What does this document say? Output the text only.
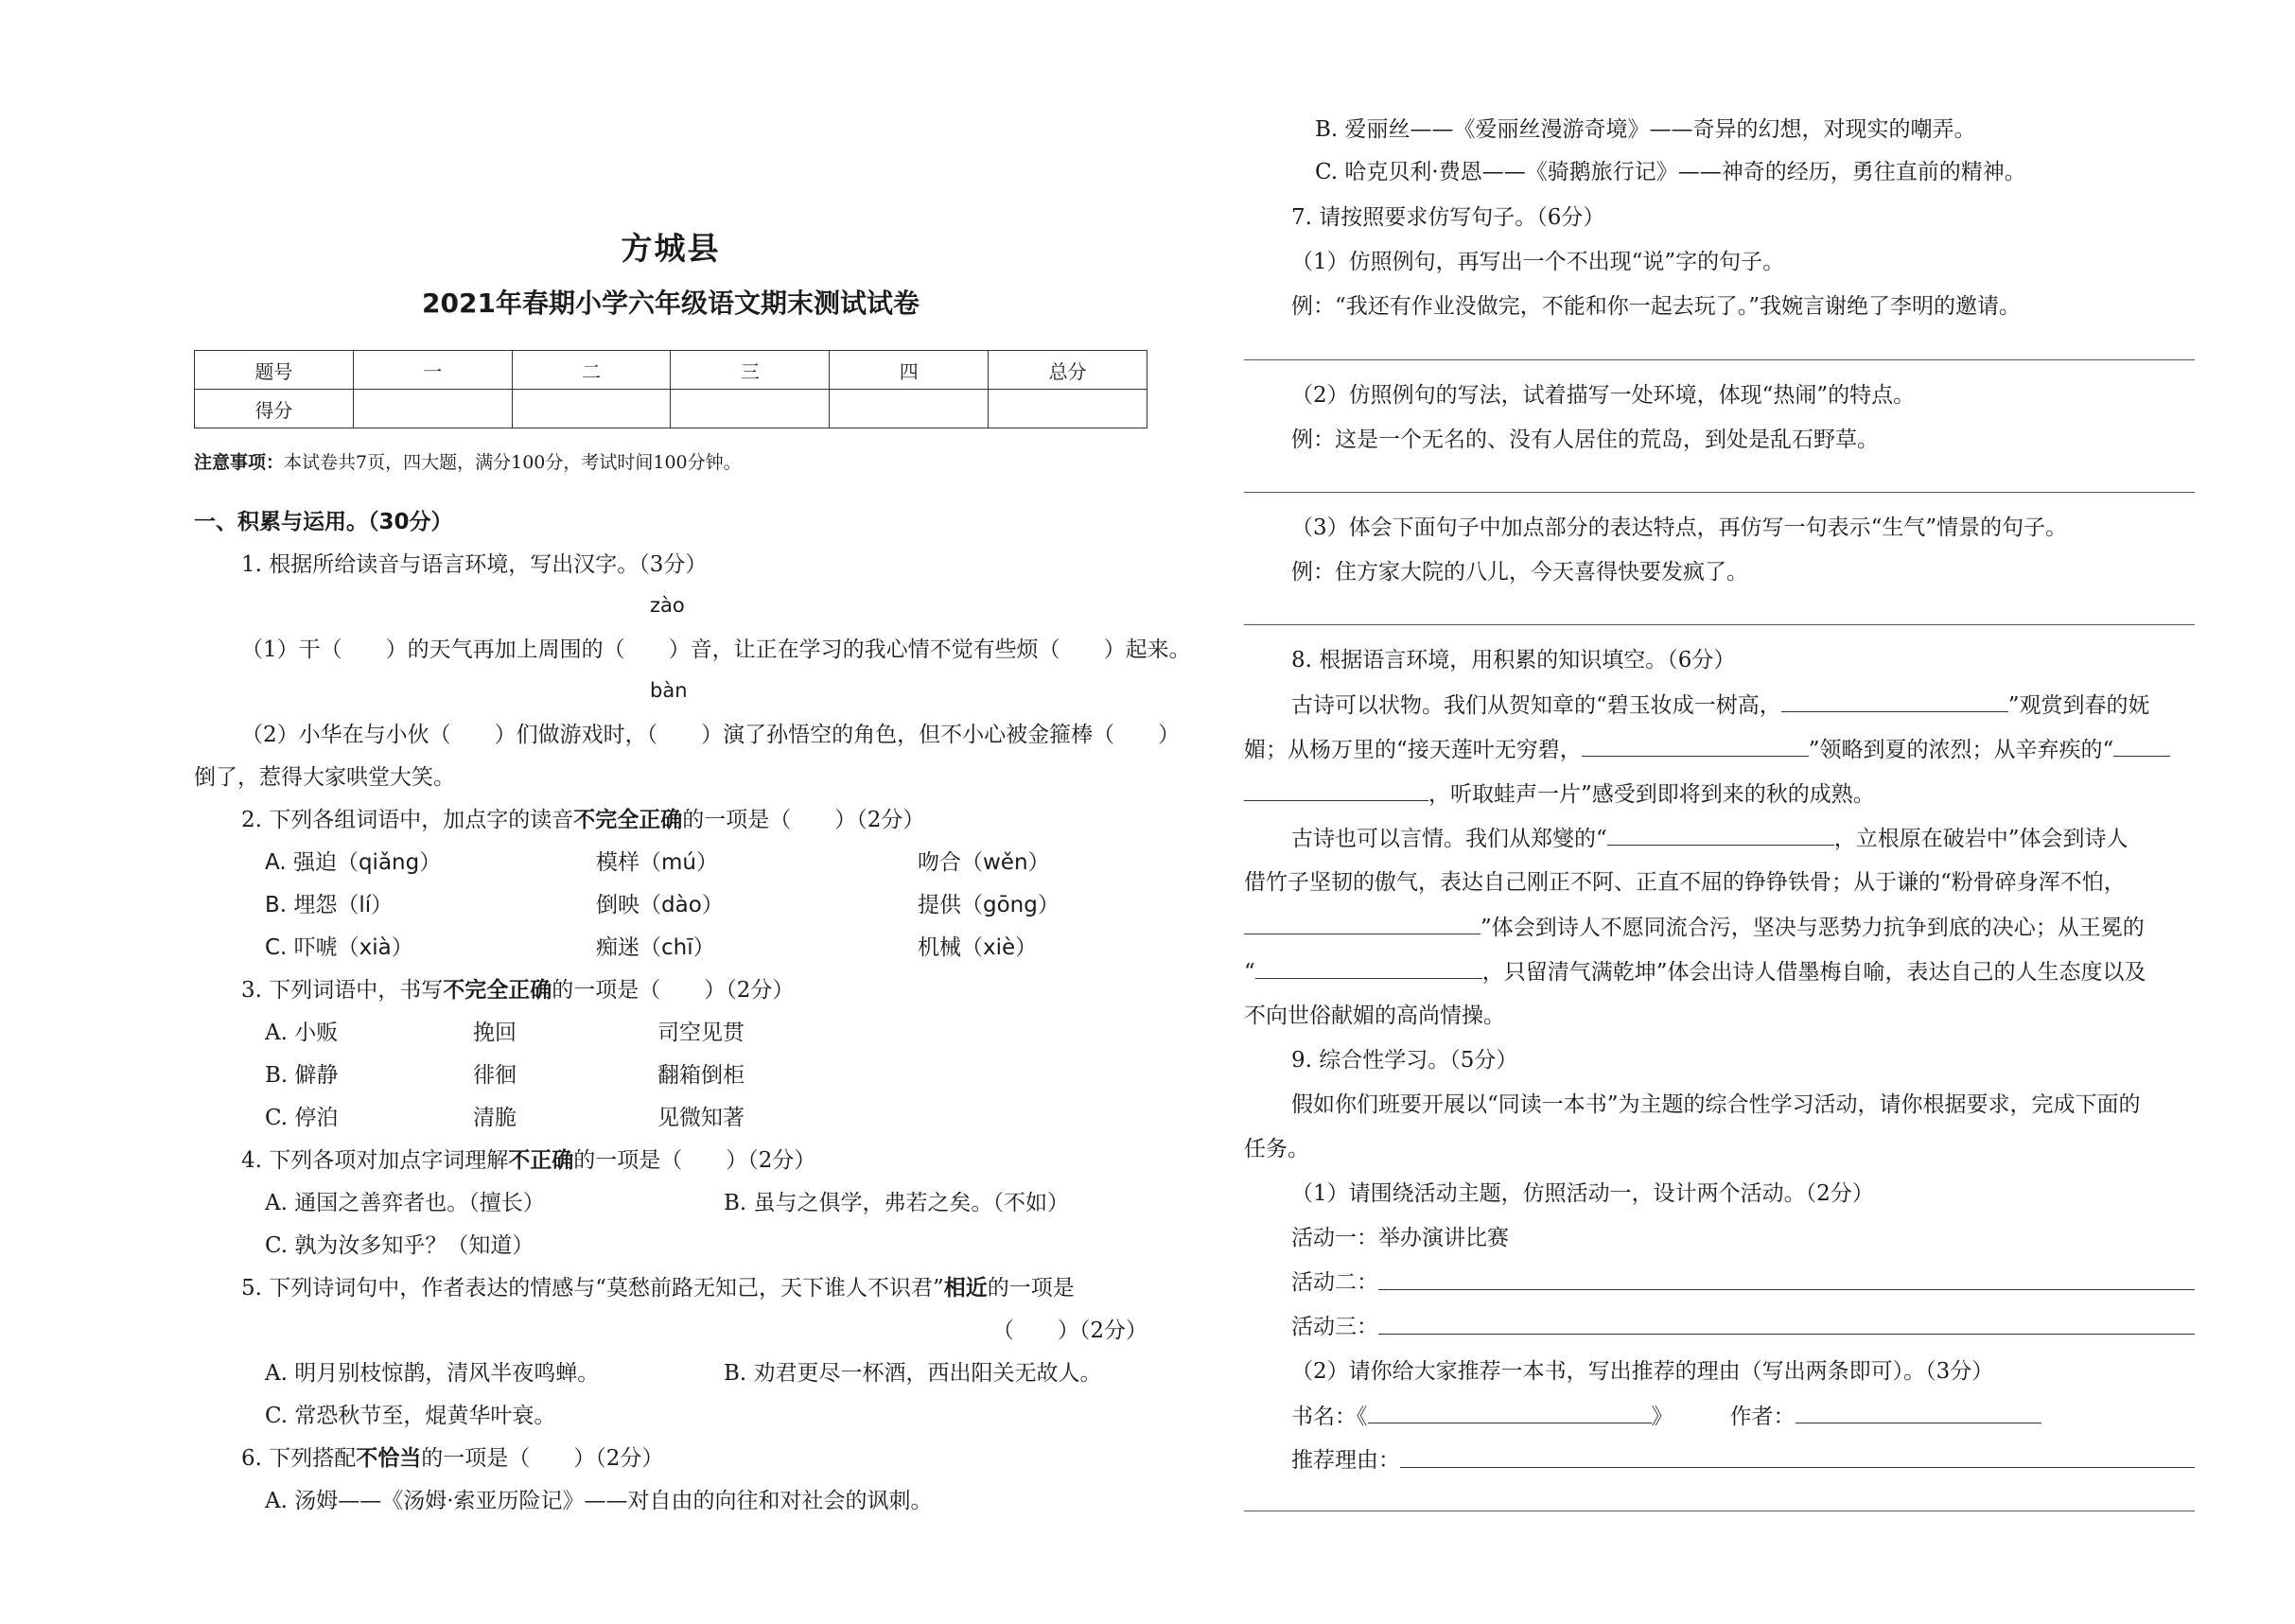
方城县
2021年春期小学六年级语文期末测试试卷
题号	一	二	三	四	总分
得分					
注意事项：本试卷共7页，四大题，满分100分，考试时间100分钟。
一、积累与运用。（30分）
1. 根据所给读音与语言环境，写出汉字。（3分）
zào
（1）干（　　）的天气再加上周围的（　　）音，让正在学习的我心情不觉有些烦（　　）起来。
bàn
（2）小华在与小伙（　　）们做游戏时，（　　）演了孙悟空的角色，但不小心被金箍棒（　　）
倒了，惹得大家哄堂大笑。
2. 下列各组词语中，加点字的读音不完全正确的一项是（　　）（2分）
A. 强迫（qiǎng）	模样（mú）	吻合（wěn）
B. 埋怨（lí）	倒映（dào）	提供（gōng）
C. 吓唬（xià）	痴迷（chī）	机械（xiè）
3. 下列词语中，书写不完全正确的一项是（　　）（2分）
A. 小贩	挽回	司空见贯
B. 僻静	徘徊	翻箱倒柜
C. 停泊	清脆	见微知著
4. 下列各项对加点字词理解不正确的一项是（　　）（2分）
A. 通国之善弈者也。（擅长）	B. 虽与之俱学，弗若之矣。（不如）
C. 孰为汝多知乎？（知道）
5. 下列诗词句中，作者表达的情感与“莫愁前路无知己，天下谁人不识君”相近的一项是
（　　）（2分）
A. 明月别枝惊鹊，清风半夜鸣蝉。	B. 劝君更尽一杯酒，西出阳关无故人。
C. 常恐秋节至，焜黄华叶衰。
6. 下列搭配不恰当的一项是（　　）（2分）
A. 汤姆——《汤姆·索亚历险记》——对自由的向往和对社会的讽刺。
B. 爱丽丝——《爱丽丝漫游奇境》——奇异的幻想，对现实的嘲弄。
C. 哈克贝利·费恩——《骑鹅旅行记》——神奇的经历，勇往直前的精神。
7. 请按照要求仿写句子。（6分）
（1）仿照例句，再写出一个不出现“说”字的句子。
例：“我还有作业没做完，不能和你一起去玩了。”我婉言谢绝了李明的邀请。
（2）仿照例句的写法，试着描写一处环境，体现“热闹”的特点。
例：这是一个无名的、没有人居住的荒岛，到处是乱石野草。
（3）体会下面句子中加点部分的表达特点，再仿写一句表示“生气”情景的句子。
例：住方家大院的八儿，今天喜得快要发疯了。
8. 根据语言环境，用积累的知识填空。（6分）
古诗可以状物。我们从贺知章的“碧玉妆成一树高，	”观赏到春的妩
媚；从杨万里的“接天莲叶无穷碧，	”领略到夏的浓烈；从辛弃疾的“
，听取蛙声一片”感受到即将到来的秋的成熟。
古诗也可以言情。我们从郑燮的“	，立根原在破岩中”体会到诗人
借竹子坚韧的傲气，表达自己刚正不阿、正直不屈的铮铮铁骨；从于谦的“粉骨碎身浑不怕，
”体会到诗人不愿同流合污，坚决与恶势力抗争到底的决心；从王冕的
“	，只留清气满乾坤”体会出诗人借墨梅自喻，表达自己的人生态度以及
不向世俗献媚的高尚情操。
9. 综合性学习。（5分）
假如你们班要开展以“同读一本书”为主题的综合性学习活动，请你根据要求，完成下面的
任务。
（1）请围绕活动主题，仿照活动一，设计两个活动。（2分）
活动一：举办演讲比赛
活动二：
活动三：
（2）请你给大家推荐一本书，写出推荐的理由（写出两条即可）。（3分）
书名：《	》	作者：
推荐理由：
